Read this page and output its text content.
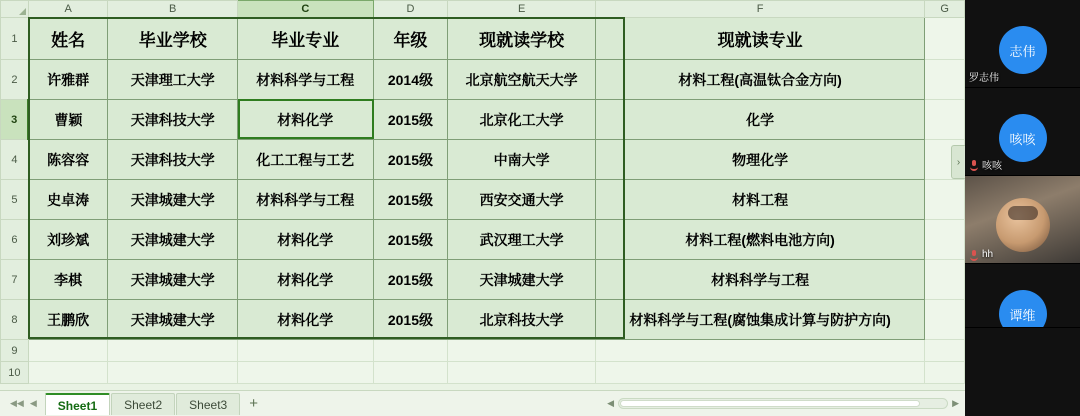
	A	B	C	D	E	F	G
1	姓名	毕业学校	毕业专业	年级	现就读学校	现就读专业	
2	许雅群	天津理工大学	材料科学与工程	2014级	北京航空航天大学	材料工程(高温钛合金方向)	
3	曹颖	天津科技大学	材料化学	2015级	北京化工大学	化学	
4	陈容容	天津科技大学	化工工程与工艺	2015级	中南大学	物理化学	
5	史卓涛	天津城建大学	材料科学与工程	2015级	西安交通大学	材料工程	
6	刘珍斌	天津城建大学	材料化学	2015级	武汉理工大学	材料工程(燃料电池方向)	
7	李棋	天津城建大学	材料化学	2015级	天津城建大学	材料科学与工程	
8	王鹏欣	天津城建大学	材料化学	2015级	北京科技大学	材料科学与工程(腐蚀集成计算与防护方向)	
9							
10							
›
◀◀ ◀	Sheet1	Sheet2	Sheet3	+	◀	▶
志伟
罗志伟
咳咳
咳咳
hh
谭维
